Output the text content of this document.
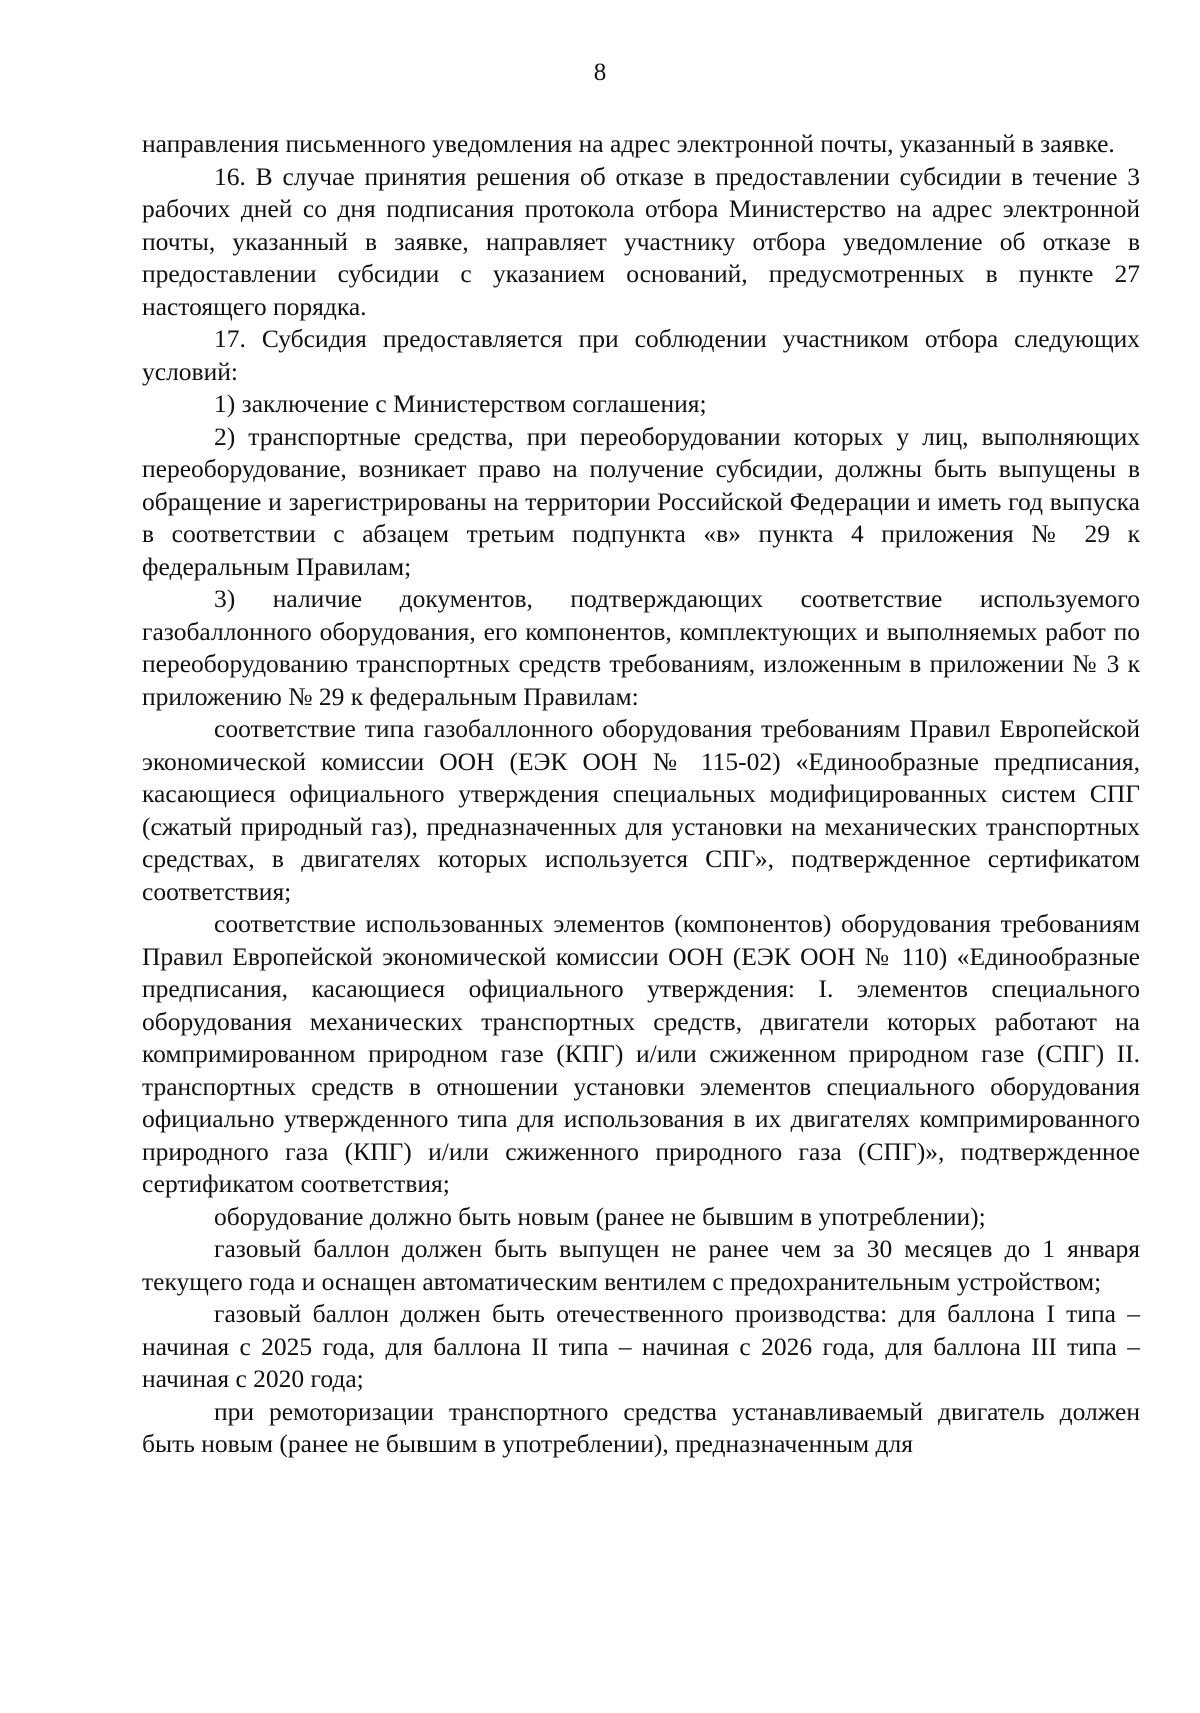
8

направления письменного уведомления на адрес электронной почты, указанный в заявке.

16. В случае принятия решения об отказе в предоставлении субсидии в течение 3 рабочих дней со дня подписания протокола отбора Министерство на адрес электронной почты, указанный в заявке, направляет участнику отбора уведомление об отказе в предоставлении субсидии с указанием оснований, предусмотренных в пункте 27 настоящего порядка.

17. Субсидия предоставляется при соблюдении участником отбора следующих условий:

1) заключение с Министерством соглашения;

2) транспортные средства, при переоборудовании которых у лиц, выполняющих переоборудование, возникает право на получение субсидии, должны быть выпущены в обращение и зарегистрированы на территории Российской Федерации и иметь год выпуска в соответствии с абзацем третьим подпункта «в» пункта 4 приложения № 29 к федеральным Правилам;

3) наличие документов, подтверждающих соответствие используемого газобаллонного оборудования, его компонентов, комплектующих и выполняемых работ по переоборудованию транспортных средств требованиям, изложенным в приложении № 3 к приложению № 29 к федеральным Правилам:

соответствие типа газобаллонного оборудования требованиям Правил Европейской экономической комиссии ООН (ЕЭК ООН № 115-02) «Единообразные предписания, касающиеся официального утверждения специальных модифицированных систем СПГ (сжатый природный газ), предназначенных для установки на механических транспортных средствах, в двигателях которых используется СПГ», подтвержденное сертификатом соответствия;

соответствие использованных элементов (компонентов) оборудования требованиям Правил Европейской экономической комиссии ООН (ЕЭК ООН № 110) «Единообразные предписания, касающиеся официального утверждения: I. элементов специального оборудования механических транспортных средств, двигатели которых работают на компримированном природном газе (КПГ) и/или сжиженном природном газе (СПГ) II. транспортных средств в отношении установки элементов специального оборудования официально утвержденного типа для использования в их двигателях компримированного природного газа (КПГ) и/или сжиженного природного газа (СПГ)», подтвержденное сертификатом соответствия;

оборудование должно быть новым (ранее не бывшим в употреблении);

газовый баллон должен быть выпущен не ранее чем за 30 месяцев до 1 января текущего года и оснащен автоматическим вентилем с предохранительным устройством;

газовый баллон должен быть отечественного производства: для баллона I типа – начиная с 2025 года, для баллона II типа – начиная с 2026 года, для баллона III типа – начиная с 2020 года;

при ремоторизации транспортного средства устанавливаемый двигатель должен быть новым (ранее не бывшим в употреблении), предназначенным для
